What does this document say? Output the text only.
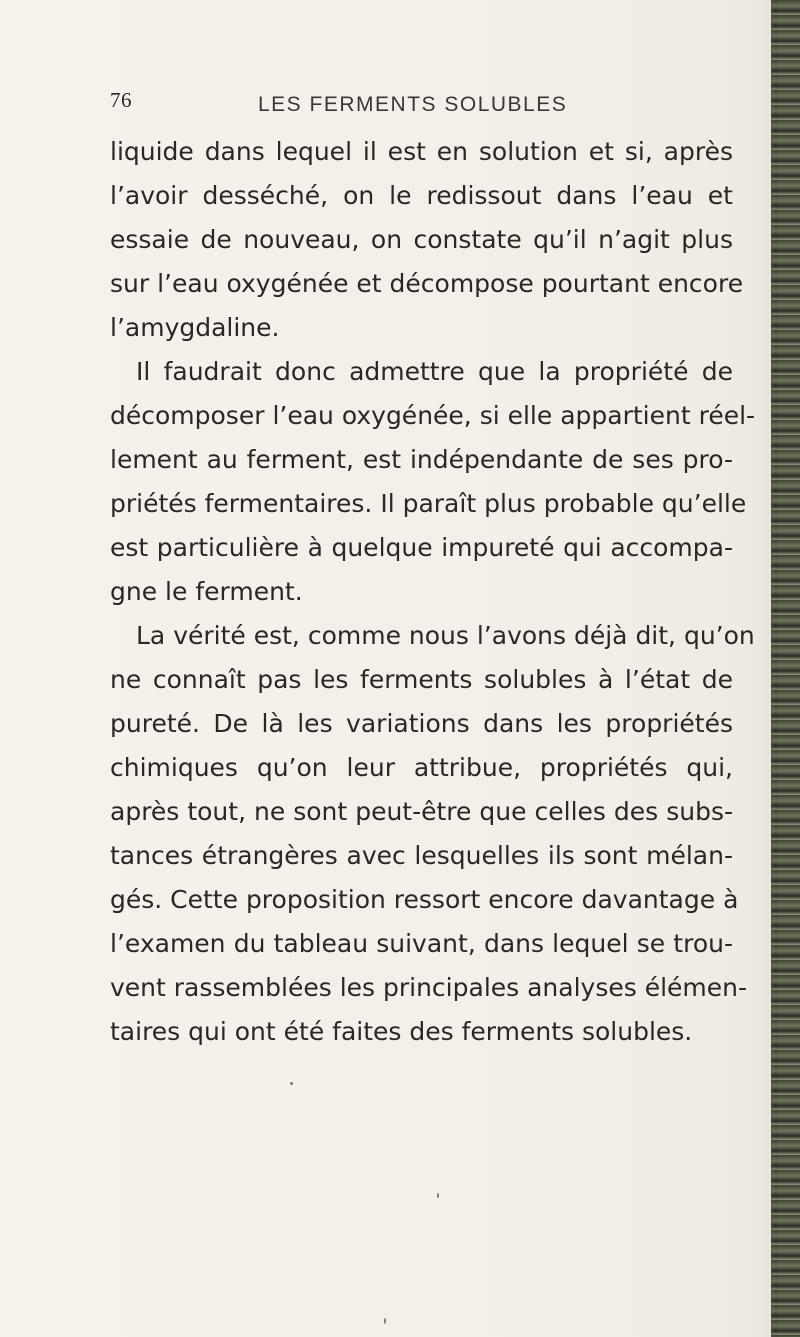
76	LES FERMENTS SOLUBLES
liquide dans lequel il est en solution et si, après
l’avoir desséché, on le redissout dans l’eau et
essaie de nouveau, on constate qu’il n’agit plus
sur l’eau oxygénée et décompose pourtant encore
l’amygdaline.
Il faudrait donc admettre que la propriété de
décomposer l’eau oxygénée, si elle appartient réel-
lement au ferment, est indépendante de ses pro-
priétés fermentaires. Il paraît plus probable qu’elle
est particulière à quelque impureté qui accompa-
gne le ferment.
La vérité est, comme nous l’avons déjà dit, qu’on
ne connaît pas les ferments solubles à l’état de
pureté. De là les variations dans les propriétés
chimiques qu’on leur attribue, propriétés qui,
après tout, ne sont peut-être que celles des subs-
tances étrangères avec lesquelles ils sont mélan-
gés. Cette proposition ressort encore davantage à
l’examen du tableau suivant, dans lequel se trou-
vent rassemblées les principales analyses élémen-
taires qui ont été faites des ferments solubles.
